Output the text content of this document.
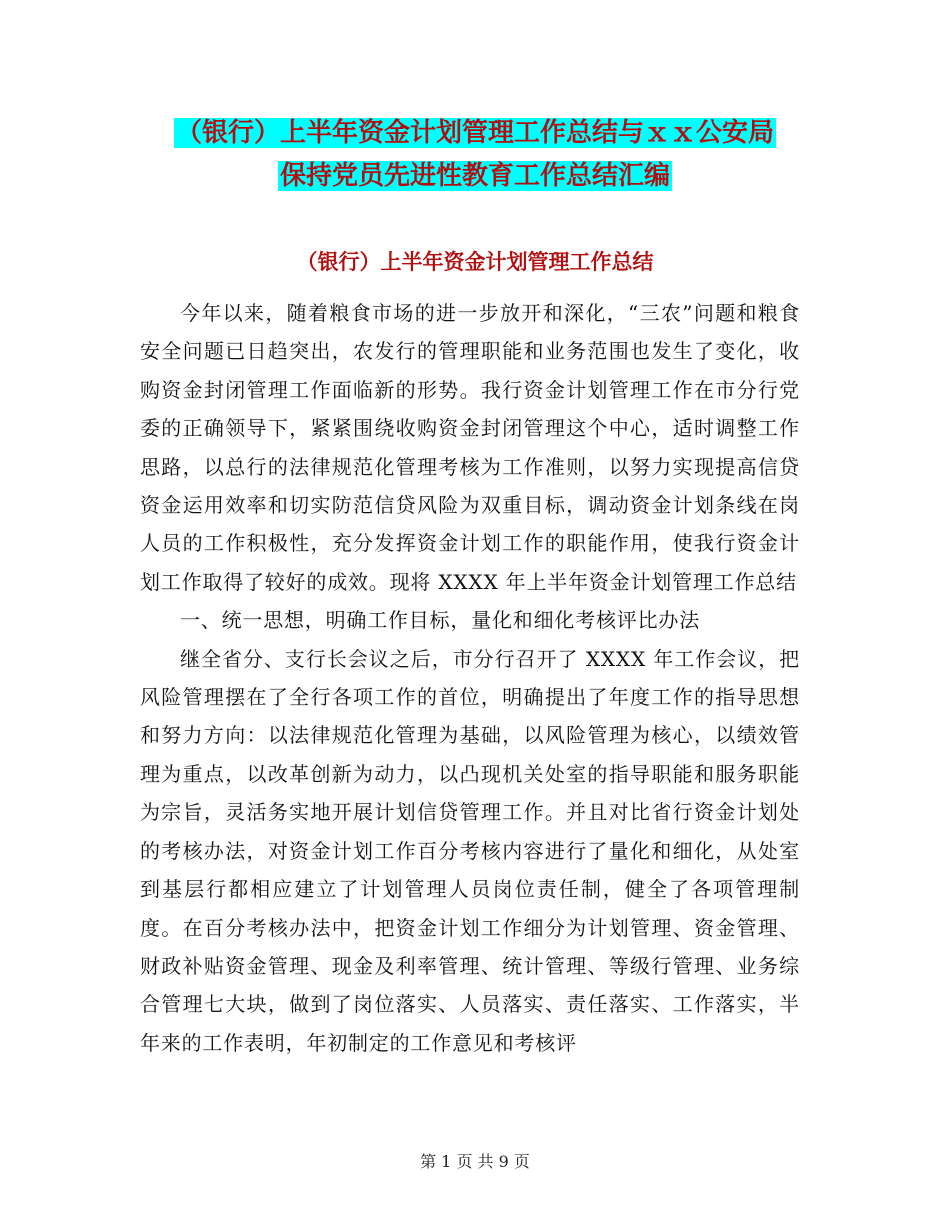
（银行）上半年资金计划管理工作总结与ｘｘ公安局
保持党员先进性教育工作总结汇编
（银行）上半年资金计划管理工作总结

今年以来，随着粮食市场的进一步放开和深化，“三农”问题和粮食安全问题已日趋突出，农发行的管理职能和业务范围也发生了变化，收购资金封闭管理工作面临新的形势。我行资金计划管理工作在市分行党委的正确领导下，紧紧围绕收购资金封闭管理这个中心，适时调整工作思路，以总行的法律规范化管理考核为工作准则，以努力实现提高信贷资金运用效率和切实防范信贷风险为双重目标，调动资金计划条线在岗人员的工作积极性，充分发挥资金计划工作的职能作用，使我行资金计划工作取得了较好的成效。现将 XXXX 年上半年资金计划管理工作总结

一、统一思想，明确工作目标，量化和细化考核评比办法

继全省分、支行长会议之后，市分行召开了 XXXX 年工作会议，把风险管理摆在了全行各项工作的首位，明确提出了年度工作的指导思想和努力方向：以法律规范化管理为基础，以风险管理为核心，以绩效管理为重点，以改革创新为动力，以凸现机关处室的指导职能和服务职能为宗旨，灵活务实地开展计划信贷管理工作。并且对比省行资金计划处的考核办法，对资金计划工作百分考核内容进行了量化和细化，从处室到基层行都相应建立了计划管理人员岗位责任制，健全了各项管理制度。在百分考核办法中，把资金计划工作细分为计划管理、资金管理、财政补贴资金管理、现金及利率管理、统计管理、等级行管理、业务综合管理七大块，做到了岗位落实、人员落实、责任落实、工作落实，半年来的工作表明，年初制定的工作意见和考核评

第 1 页 共 9 页
